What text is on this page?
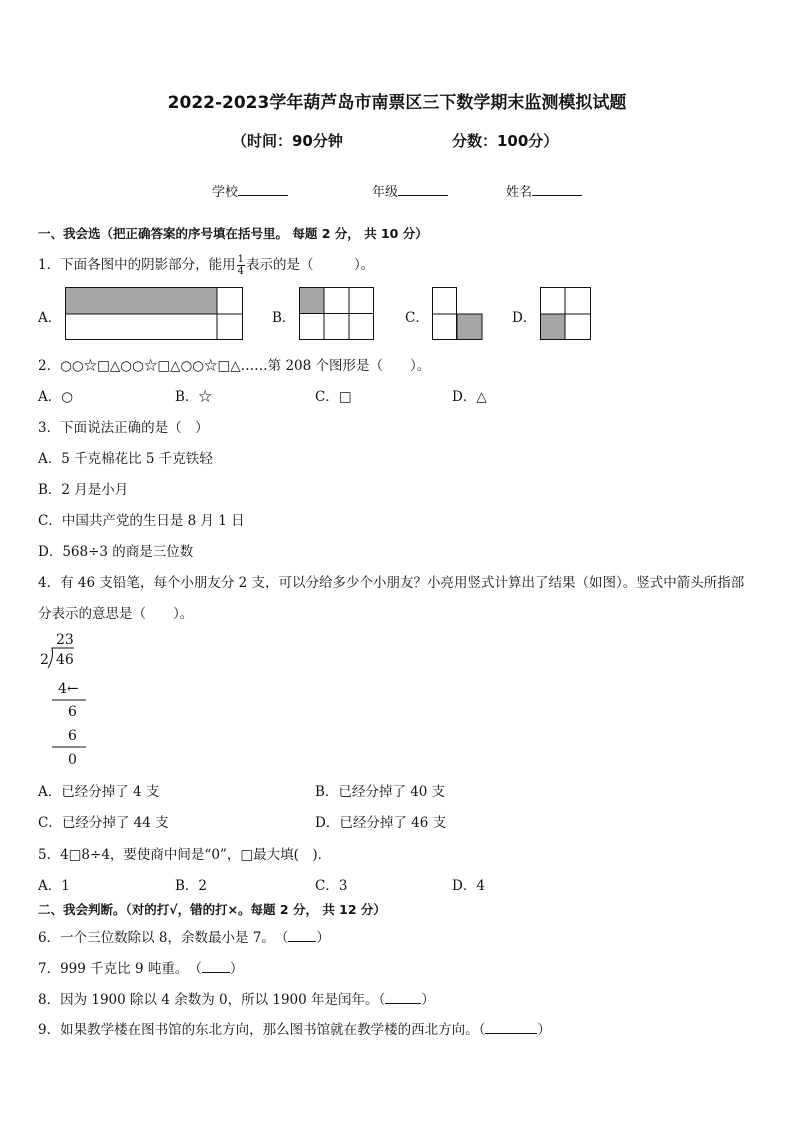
2022-2023学年葫芦岛市南票区三下数学期末监测模拟试题
（时间：90分钟	分数：100分）
学校	年级	姓名
一、我会选（把正确答案的序号填在括号里。 每题 2 分， 共 10 分）
1．下面各图中的阴影部分，能用 $\frac{1}{4}$ 表示的是（　　　）。
A．	B．	C．	D．
2．○○☆□△○○☆□△○○☆□△……第 208 个图形是（　　）。
A．○	B．☆	C．□	D．△
3．下面说法正确的是（　）
A．5 千克棉花比 5 千克铁轻
B．2 月是小月
C．中国共产党的生日是 8 月 1 日
D．568÷3 的商是三位数
4．有 46 支铅笔，每个小朋友分 2 支，可以分给多少个小朋友？小亮用竖式计算出了结果（如图）。竖式中箭头所指部
分表示的意思是（　　）。
23
2 46
4←
6
6
0
A．已经分掉了 4 支	B．已经分掉了 40 支
C．已经分掉了 44 支	D．已经分掉了 46 支
5．4□8÷4，要使商中间是“0”，□最大填(　)．
A．1	B．2	C．3	D．4
二、我会判断。（对的打√，错的打×。每题 2 分， 共 12 分）
6．一个三位数除以 8，余数最小是 7。　 （ ）
7．999 千克比 9 吨重。　 （ ）
8．因为 1900 除以 4 余数为 0，所以 1900 年是闰年。（	）
9．如果教学楼在图书馆的东北方向，那么图书馆就在教学楼的西北方向。（	）
